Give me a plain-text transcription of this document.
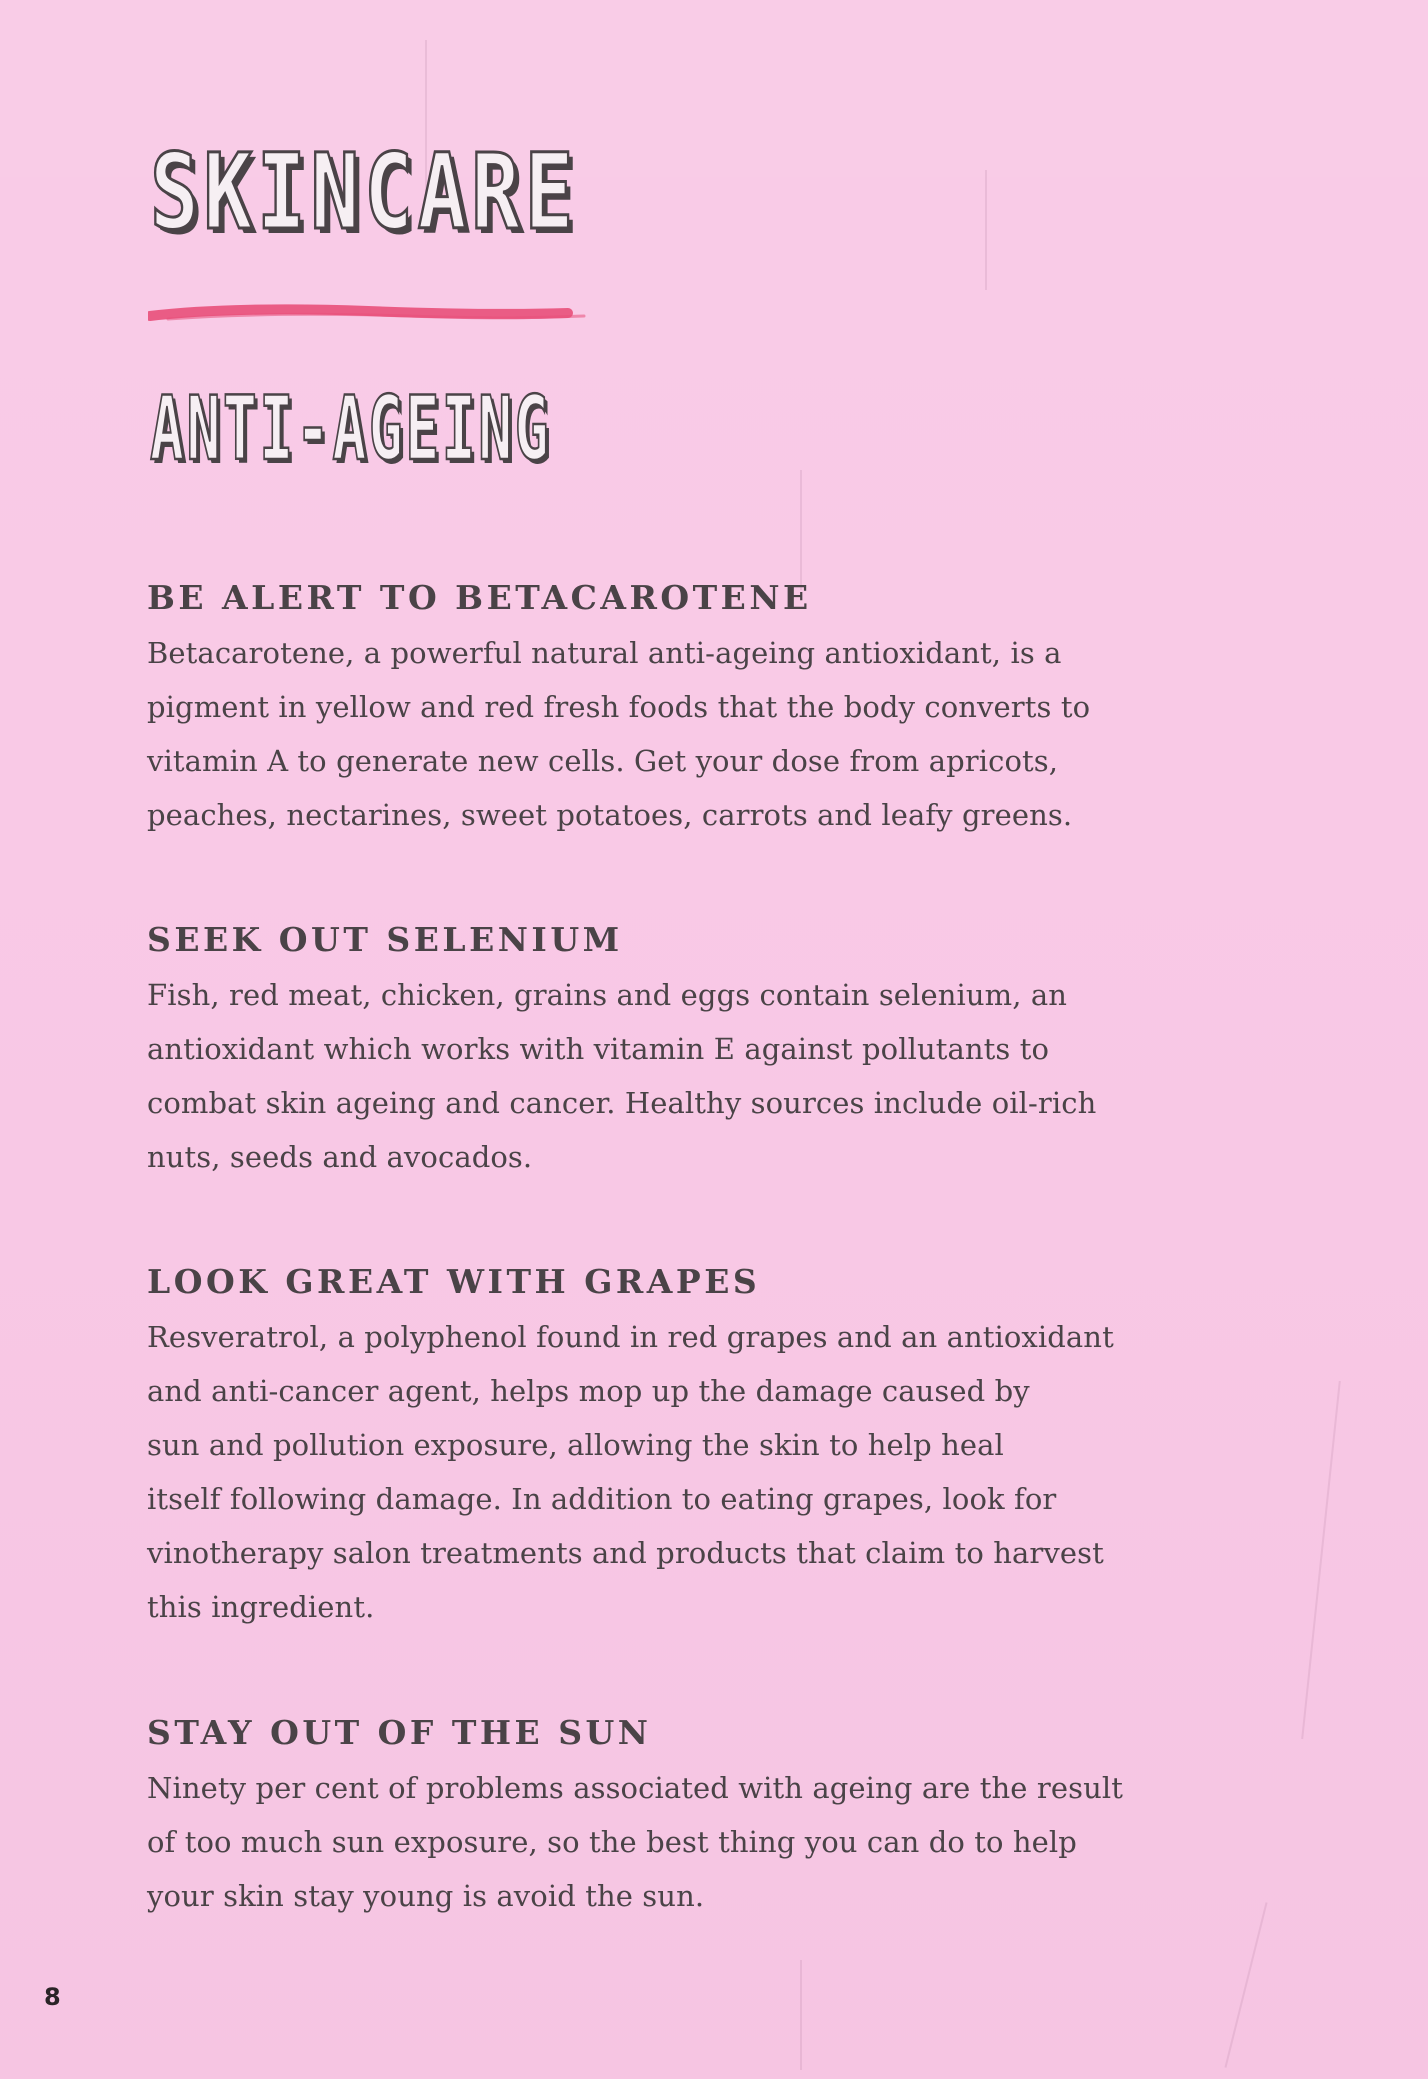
SKINCARE
ANTI-AGEING
BE ALERT TO BETACAROTENE

Betacarotene, a powerful natural anti-ageing antioxidant, is a
pigment in yellow and red fresh foods that the body converts to
vitamin A to generate new cells. Get your dose from apricots,
peaches, nectarines, sweet potatoes, carrots and leafy greens.

SEEK OUT SELENIUM

Fish, red meat, chicken, grains and eggs contain selenium, an
antioxidant which works with vitamin E against pollutants to
combat skin ageing and cancer. Healthy sources include oil-rich
nuts, seeds and avocados.

LOOK GREAT WITH GRAPES

Resveratrol, a polyphenol found in red grapes and an antioxidant
and anti-cancer agent, helps mop up the damage caused by
sun and pollution exposure, allowing the skin to help heal
itself following damage. In addition to eating grapes, look for
vinotherapy salon treatments and products that claim to harvest
this ingredient.

STAY OUT OF THE SUN

Ninety per cent of problems associated with ageing are the result
of too much sun exposure, so the best thing you can do to help
your skin stay young is avoid the sun.

8
